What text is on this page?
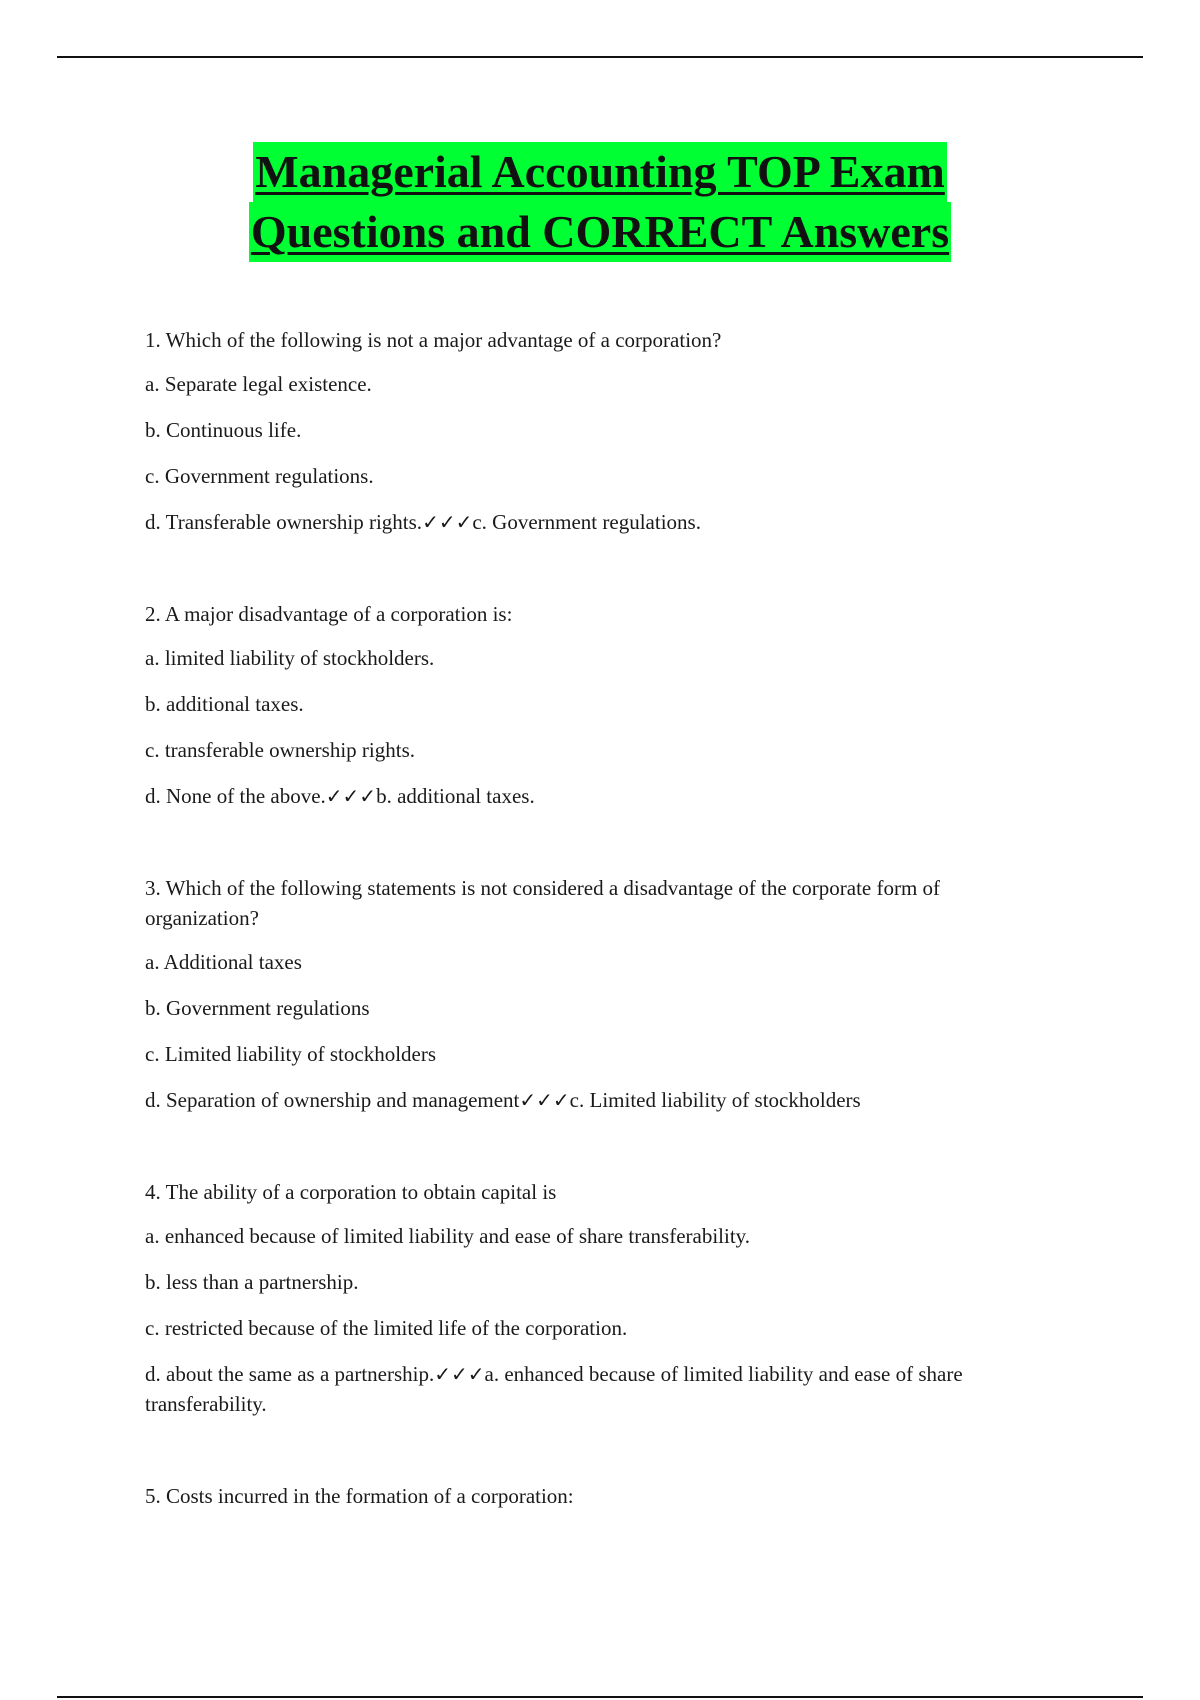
Managerial Accounting TOP Exam
Questions and CORRECT Answers

1. Which of the following is not a major advantage of a corporation?

a. Separate legal existence.

b. Continuous life.

c. Government regulations.

d. Transferable ownership rights.✓✓✓c. Government regulations.

2. A major disadvantage of a corporation is:

a. limited liability of stockholders.

b. additional taxes.

c. transferable ownership rights.

d. None of the above.✓✓✓b. additional taxes.

3. Which of the following statements is not considered a disadvantage of the corporate form of organization?

a. Additional taxes

b. Government regulations

c. Limited liability of stockholders

d. Separation of ownership and management✓✓✓c. Limited liability of stockholders

4. The ability of a corporation to obtain capital is

a. enhanced because of limited liability and ease of share transferability.

b. less than a partnership.

c. restricted because of the limited life of the corporation.

d. about the same as a partnership.✓✓✓a. enhanced because of limited liability and ease of share transferability.

5. Costs incurred in the formation of a corporation:
